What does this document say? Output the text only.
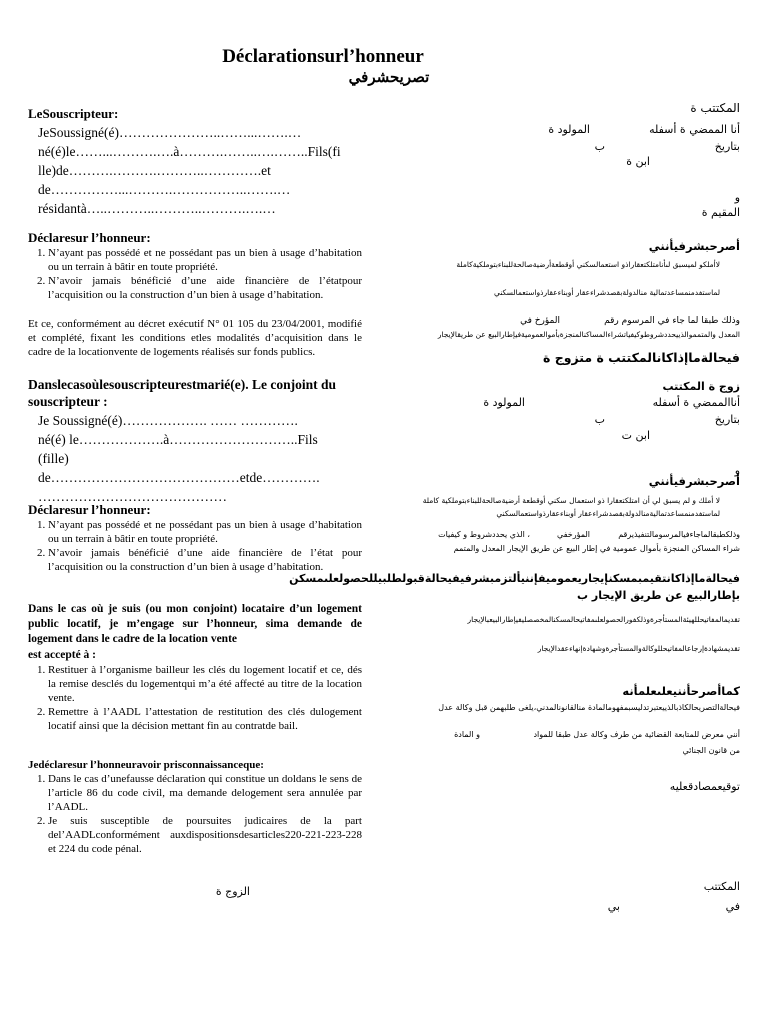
Déclarationsurl’honneur
تصريحشرفي
LeSouscripteur:
JeSoussigné(é)…………………..……...…….…
né(é)le……...……….….à……….……..….……..Fils(fi
lle)de……….……….………..………….et
de……………...……….……………..…….…
résidantà…..………..………..……….….…
Déclaresur l’honneur:
1. N’ayant pas possédé et ne possédant pas un bien à usage d’habitation ou un terrain à bâtir en toute propriété.
2. N’avoir jamais bénéficié d’une aide financière de l’étatpour l’acquisition ou la construction d’un bien à usage d’habitation.
Et ce, conformément au décret exécutif N° 01 105 du 23/04/2001, modifié et complété, fixant les conditions etles modalités d’acquisition dans le cadre de la locationvente de logements réalisés sur fonds publics.
Danslecasoùlesouscripteurestmarié(e). Le conjoint du souscripteur :
Je Soussigné(é)………………. …… ………….
né(é) le……………….à………………………..Fils
(fille)
de……………………………………etde………….
……………………………………
Déclaresur l’honneur:
1. N’ayant pas possédé et ne possédant pas un bien à usage d’habitation ou un terrain à bâtir en toute propriété.
2. N’avoir jamais bénéficié d’une aide financière de l’état pour l’acquisition ou la construction d’un bien à usage d’habitation.
Dans le cas où je suis (ou mon conjoint) locataire d’un logement public locatif, je m’engage sur l’honneur, sima demande de logement dans le cadre de la location vente
est accepté à :
1. Restituer à l’organisme bailleur les clés du logement locatif et ce, dés la remise desclés du logementqui m’a été affecté au titre de la location vente.
2. Remettre à l’AADL l’attestation de restitution des clés dulogement locatif ainsi que la décision mettant fin au contratde bail.
Jedéclaresur l’honneuravoir prisconnaissanceque:
1. Dans le cas d’unefausse déclaration qui constitue un doldans le sens de l’article 86 du code civil, ma demande delogement sera annulée par l’AADL.
2. Je suis susceptible de poursuites judicaires de la part del’AADLconformément auxdispositionsdesarticles220-221-223-228 et 224 du code pénal.
الزوج ة
المكتتب ة
أنا الممضي ة أسفله
المولود ة
بتاريخ
ب
ابن ة
و
المقيم ة
أصرحبشرفيأنني
لاأملكو لميسبق لىأنامتلكتعقاراذو استعمالسكني أوقطعةأرضيةصالحةللبناءبتوملكيةكاملة
لماستفدمنمساعدتمالية منالدولةبقصدشراءعقار أوبناءعقارذواستعمالسكني
وذلك طبقا لما جاء في المرسوم رقم
المؤرخ في
المعدل والمتمموالذييحددشروطوكيفياتشراءالمساكنالمنجزةبأموالعموميةفيإطارالبيع عن طريقالإيجار
فيحالةماإذاكانالمكتتب ة متزوج ة
زوج ة المكتتب
أناالممضي ة أسفله
المولود ة
بتاريخ
ب
ابن ت
و
أصرحبشرفيأنني
لا أملك و لم يسبق لي أن امتلكتعقارا ذو استعمال سكني أوقطعة أرضيةصالحةللبناءبتوملكية كاملة
لماستفدمنمساعدتماليةمنالدولةبقصدشراءعقار أوبناءعقارذواستعمالسكني
وذلكطبقالماجاءفيالمرسومالتنفيذيرقم
المؤرخفي
، الذي يحددشروط و كيفيات
شراء المساكن المنجزة بأموال عمومية في إطار البيع عن طريق الإيجار المعدل والمتمم
فيحالةماإذاكانتقيمبمسكنإيجاريعموميفإننيألتزمبشرفيفيحالةقبولطلبيللحصولعلىمسكن بإطارالبيع عن طريق الإيجار ب
تقديمالمفاتيحللهيئةالمستأجرةوذلكفورالحصولعلىمفاتيحالمسكنالمخصصليفيإطارالبيعبالإيجار
تقديمشهادةإرجاعالمفاتيحللوكالةوالمستأجرةوشهادةإنهاءعقدالإيجار
كماأصرحأننيعلىعلمأنه
فيحالةالتصريحالكاذبالذييعتبرتدليسبمفهومالمادة منالقانونالمدني،يلغى طلبهمن قبل وكالة عدل
أنني معرض للمتابعة القضائية من طرف وكالة عدل طبقا للمواد
و المادة
من قانون الجنائي
توقيعمصادقعليه
المكتتب
في
بي
